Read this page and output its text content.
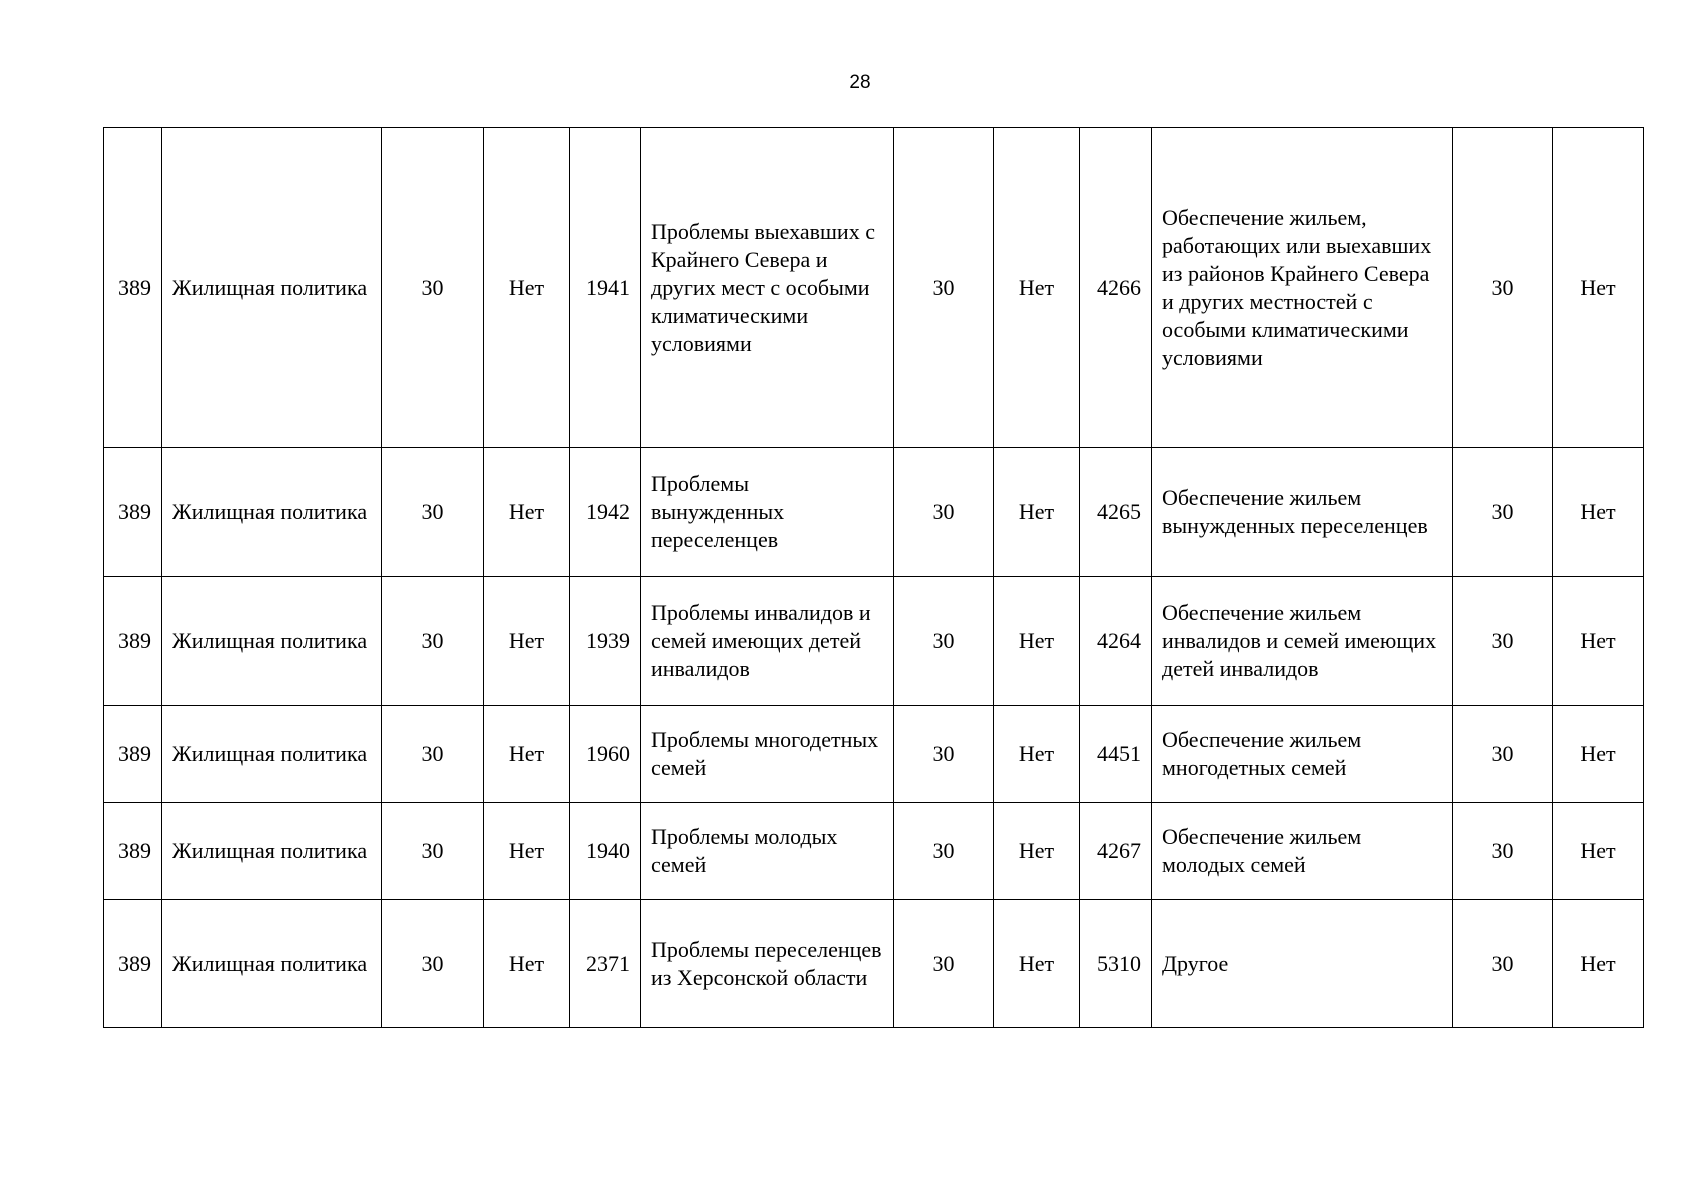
28
389	Жилищная политика	30	Нет	1941	Проблемы выехавших с Крайнего Севера и других мест с особыми климатическими условиями	30	Нет	4266	Обеспечение жильем, работающих или выехавших из районов Крайнего Севера и других местностей с особыми климатическими условиями	30	Нет
389	Жилищная политика	30	Нет	1942	Проблемы вынужденных переселенцев	30	Нет	4265	Обеспечение жильем вынужденных переселенцев	30	Нет
389	Жилищная политика	30	Нет	1939	Проблемы инвалидов и семей имеющих детей инвалидов	30	Нет	4264	Обеспечение жильем инвалидов и семей имеющих детей инвалидов	30	Нет
389	Жилищная политика	30	Нет	1960	Проблемы многодетных семей	30	Нет	4451	Обеспечение жильем многодетных семей	30	Нет
389	Жилищная политика	30	Нет	1940	Проблемы молодых семей	30	Нет	4267	Обеспечение жильем молодых семей	30	Нет
389	Жилищная политика	30	Нет	2371	Проблемы переселенцев из Херсонской области	30	Нет	5310	Другое	30	Нет
